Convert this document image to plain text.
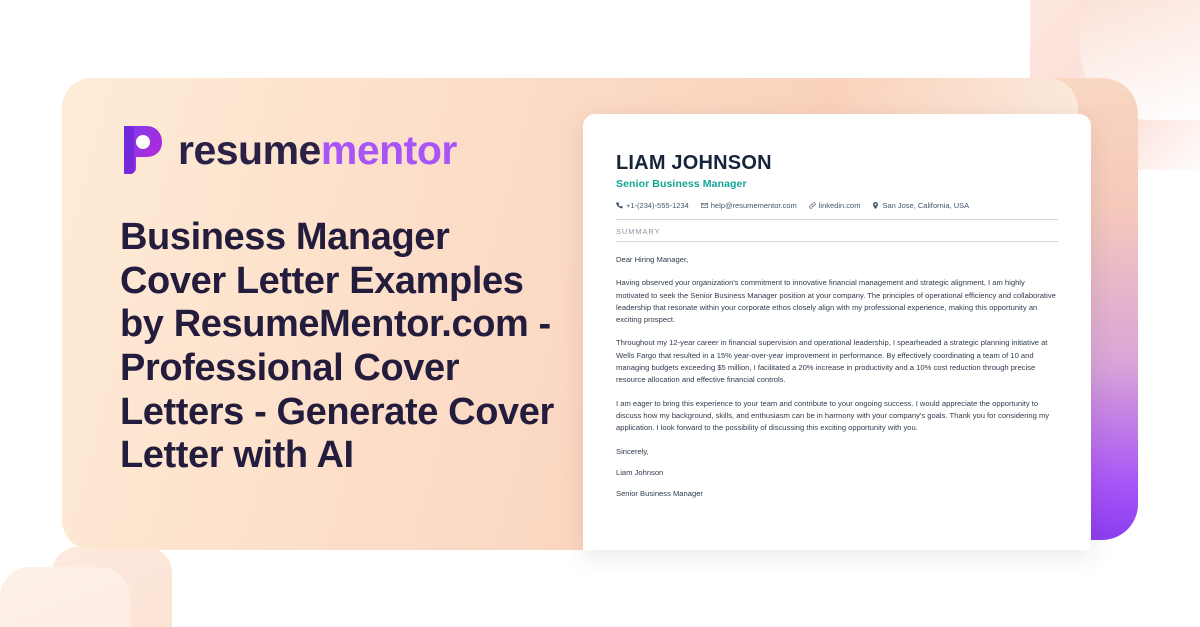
resumementor
Business Manager Cover Letter Examples by ResumeMentor.com - Professional Cover Letters - Generate Cover Letter with AI
LIAM JOHNSON
Senior Business Manager
+1-(234)-555-1234	help@resumementor.com	linkedin.com	San Jose, California, USA
SUMMARY

Dear Hiring Manager,

Having observed your organization's commitment to innovative financial management and strategic alignment, I am highly motivated to seek the Senior Business Manager position at your company. The principles of operational efficiency and collaborative leadership that resonate within your corporate ethos closely align with my professional experience, making this opportunity an exciting prospect.

Throughout my 12-year career in financial supervision and operational leadership, I spearheaded a strategic planning initiative at Wells Fargo that resulted in a 15% year-over-year improvement in performance. By effectively coordinating a team of 10 and managing budgets exceeding $5 million, I facilitated a 20% increase in productivity and a 10% cost reduction through precise resource allocation and effective financial controls.

I am eager to bring this experience to your team and contribute to your ongoing success. I would appreciate the opportunity to discuss how my background, skills, and enthusiasm can be in harmony with your company's goals. Thank you for considering my application. I look forward to the possibility of discussing this exciting opportunity with you.

Sincerely,

Liam Johnson

Senior Business Manager
